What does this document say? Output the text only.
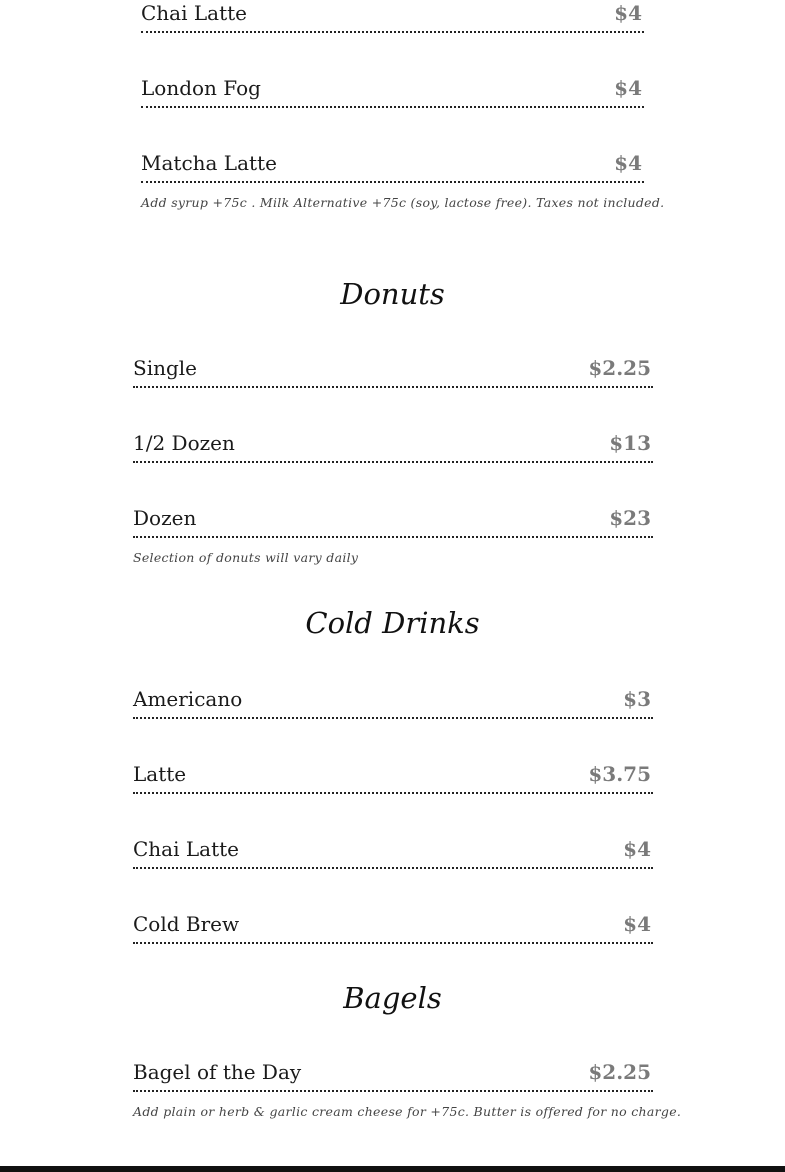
Chai Latte	$4
London Fog	$4
Matcha Latte	$4
Add syrup +75c . Milk Alternative +75c (soy, lactose free). Taxes not included.
Donuts
Single	$2.25
1/2 Dozen	$13
Dozen	$23
Selection of donuts will vary daily
Cold Drinks
Americano	$3
Latte	$3.75
Chai Latte	$4
Cold Brew	$4
Bagels
Bagel of the Day	$2.25
Add plain or herb & garlic cream cheese for +75c. Butter is offered for no charge.
